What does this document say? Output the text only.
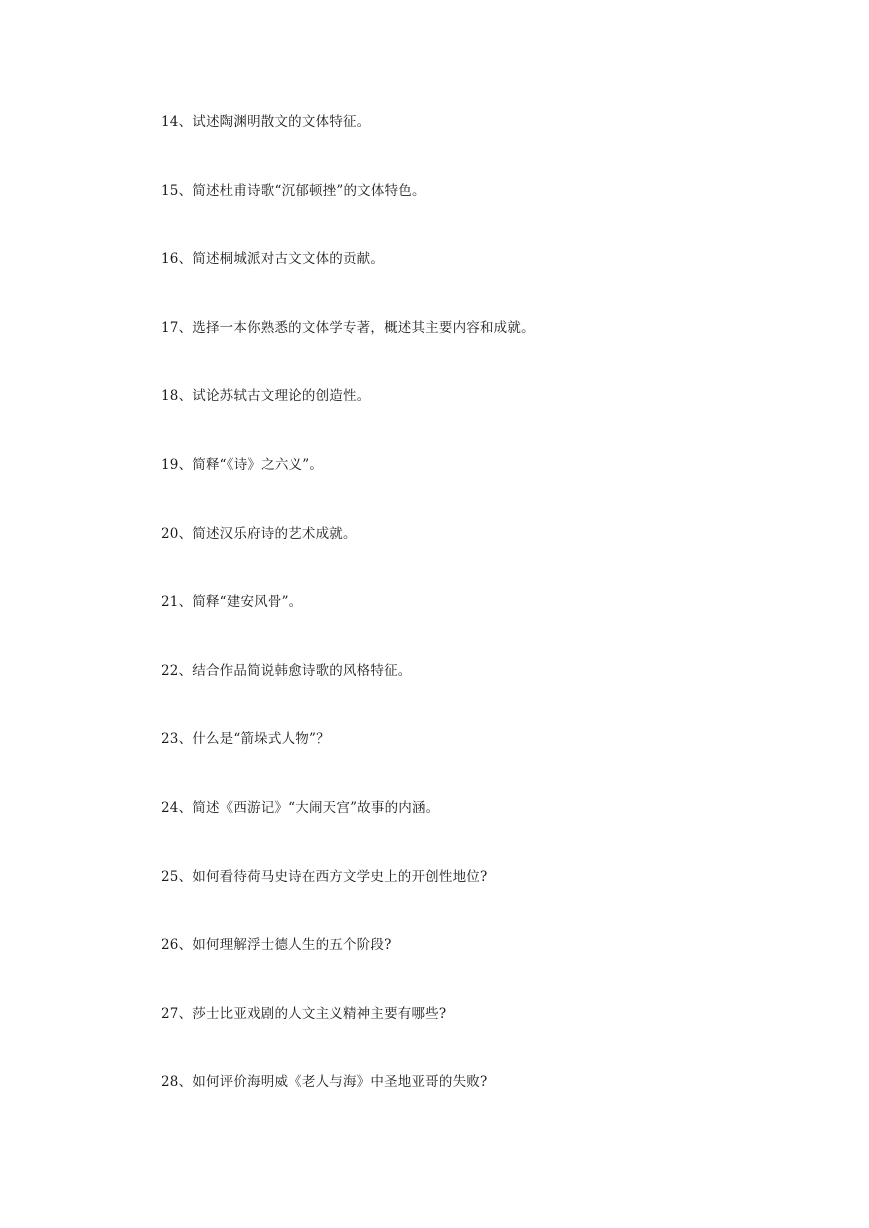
14、试述陶渊明散文的文体特征。
15、简述杜甫诗歌“沉郁顿挫”的文体特色。
16、简述桐城派对古文文体的贡献。
17、选择一本你熟悉的文体学专著，概述其主要内容和成就。
18、试论苏轼古文理论的创造性。
19、简释“《诗》之六义”。
20、简述汉乐府诗的艺术成就。
21、简释“建安风骨”。
22、结合作品简说韩愈诗歌的风格特征。
23、什么是“箭垛式人物”？
24、简述《西游记》“大闹天宫”故事的内涵。
25、如何看待荷马史诗在西方文学史上的开创性地位?
26、如何理解浮士德人生的五个阶段?
27、莎士比亚戏剧的人文主义精神主要有哪些?
28、如何评价海明威《老人与海》中圣地亚哥的失败?
